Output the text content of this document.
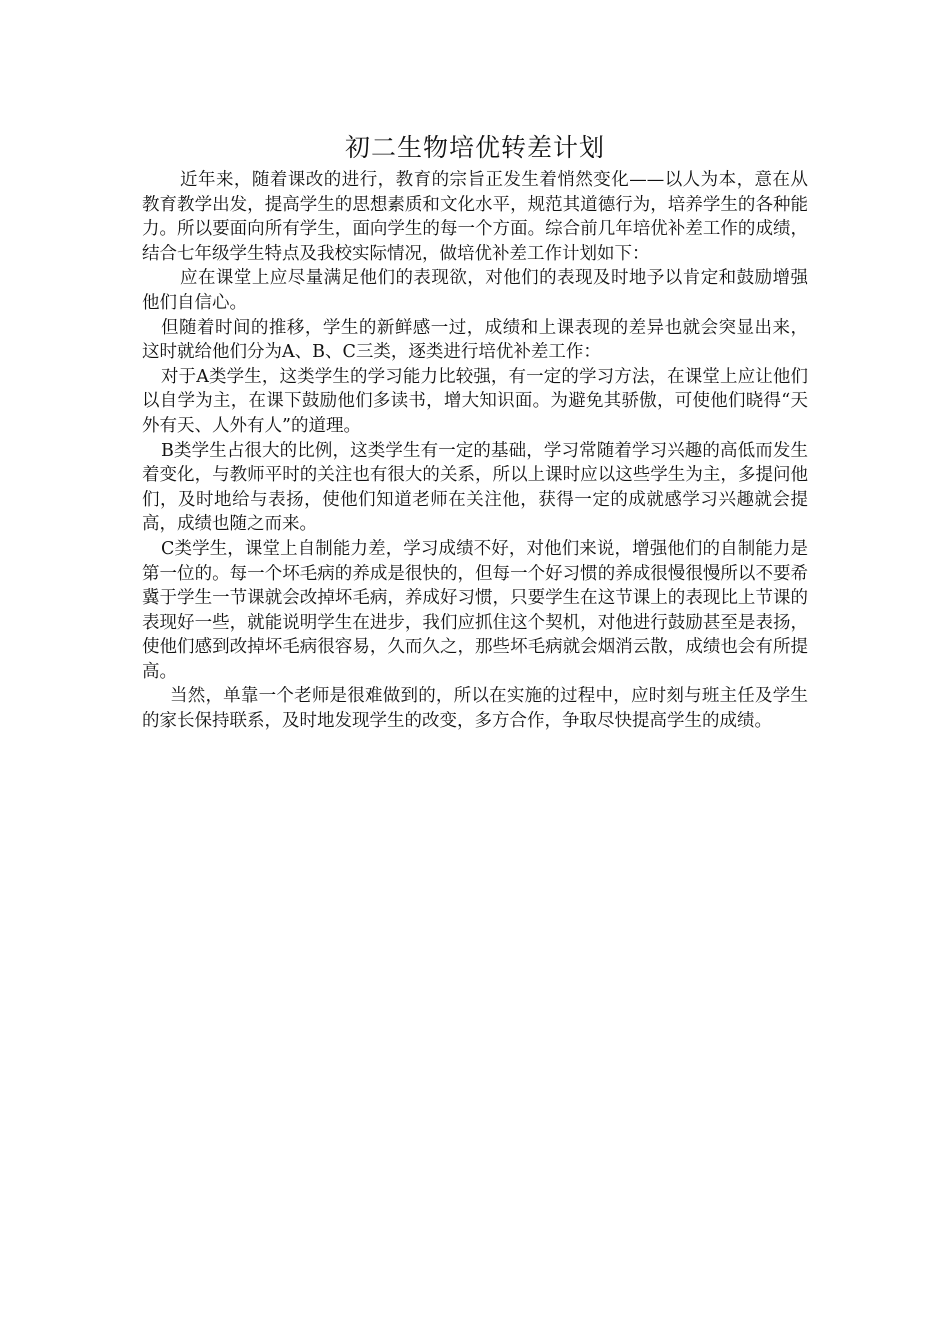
初二生物培优转差计划

近年来，随着课改的进行，教育的宗旨正发生着悄然变化——以人为本，意在从教育教学出发，提高学生的思想素质和文化水平，规范其道德行为，培养学生的各种能力。所以要面向所有学生，面向学生的每一个方面。综合前几年培优补差工作的成绩，结合七年级学生特点及我校实际情况，做培优补差工作计划如下：

应在课堂上应尽量满足他们的表现欲，对他们的表现及时地予以肯定和鼓励增强他们自信心。

但随着时间的推移，学生的新鲜感一过，成绩和上课表现的差异也就会突显出来，这时就给他们分为A、B、C三类，逐类进行培优补差工作：

对于A类学生，这类学生的学习能力比较强，有一定的学习方法，在课堂上应让他们以自学为主，在课下鼓励他们多读书，增大知识面。为避免其骄傲，可使他们晓得“天外有天、人外有人”的道理。

B类学生占很大的比例，这类学生有一定的基础，学习常随着学习兴趣的高低而发生着变化，与教师平时的关注也有很大的关系，所以上课时应以这些学生为主，多提问他们，及时地给与表扬，使他们知道老师在关注他，获得一定的成就感学习兴趣就会提高，成绩也随之而来。

C类学生，课堂上自制能力差，学习成绩不好，对他们来说，增强他们的自制能力是第一位的。每一个坏毛病的养成是很快的，但每一个好习惯的养成很慢很慢所以不要希冀于学生一节课就会改掉坏毛病，养成好习惯，只要学生在这节课上的表现比上节课的表现好一些，就能说明学生在进步，我们应抓住这个契机，对他进行鼓励甚至是表扬，使他们感到改掉坏毛病很容易，久而久之，那些坏毛病就会烟消云散，成绩也会有所提高。

当然，单靠一个老师是很难做到的，所以在实施的过程中，应时刻与班主任及学生的家长保持联系，及时地发现学生的改变，多方合作，争取尽快提高学生的成绩。
